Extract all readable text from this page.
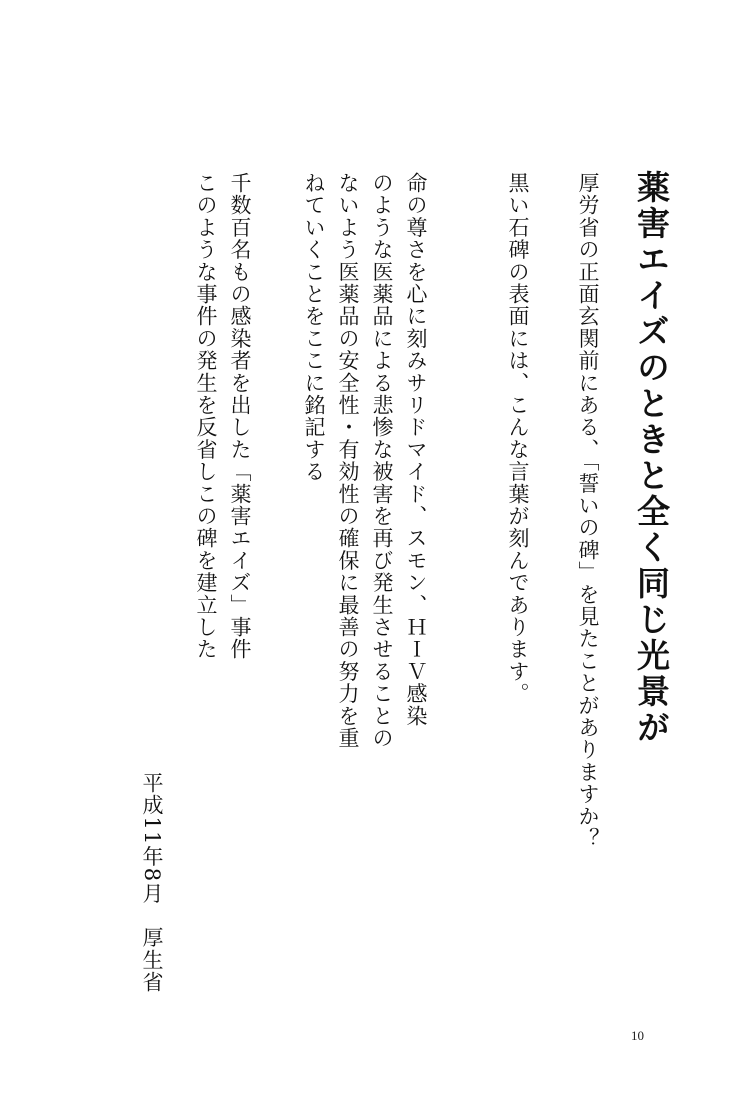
薬害エイズのときと全く同じ光景が

厚労省の正面玄関前にある、「誓いの碑」を見たことがありますか？

黒い石碑の表面には、こんな言葉が刻んであります。

命の尊さを心に刻みサリドマイド、スモン、ＨＩＶ感染

のような医薬品による悲惨な被害を再び発生させることの

ないよう医薬品の安全性・有効性の確保に最善の努力を重

ねていくことをここに銘記する

千数百名もの感染者を出した「薬害エイズ」事件

このような事件の発生を反省しこの碑を建立した

平成11年8月　厚生省

10
